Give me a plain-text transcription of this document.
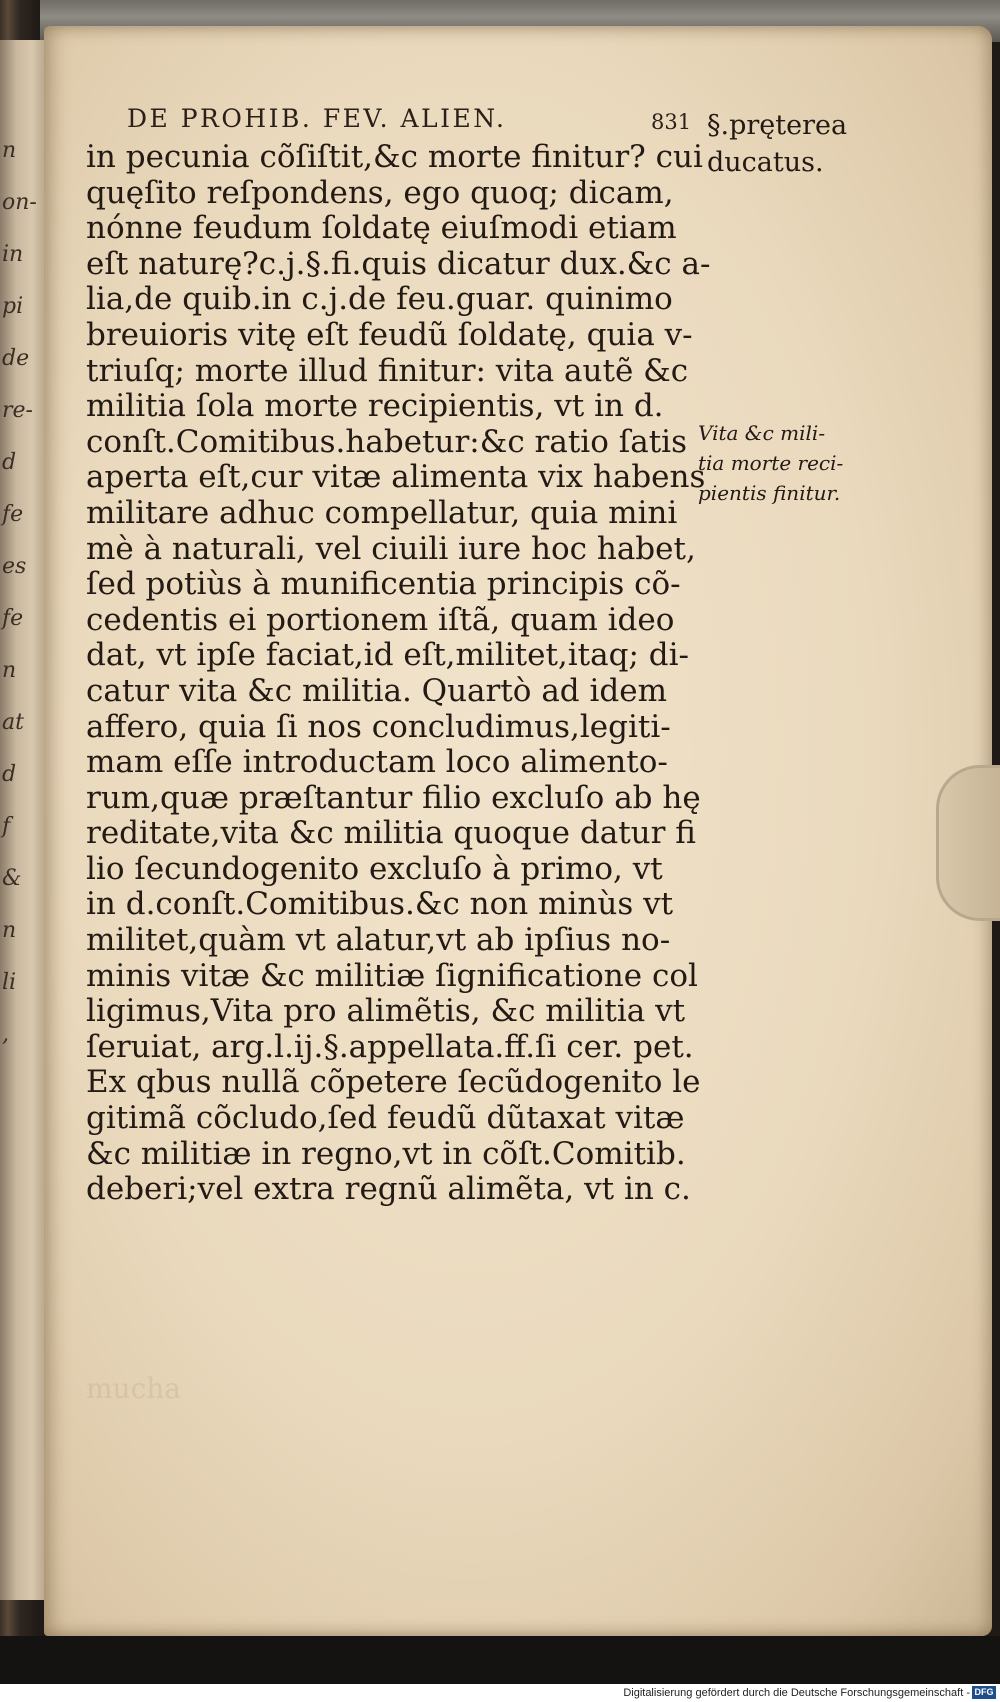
n
on-
in
pi
de
re-
d
fe
es
fe
n
at
d
f
&
n
li
,
DE PROHIB. FEV. ALIEN.	831
in pecunia cõſiſtit,&c morte finitur? cui
quęſito reſpondens, ego quoq; dicam,
nónne feudum ſoldatę eiuſmodi etiam
eſt naturę?c.j.§.fi.quis dicatur dux.&c a-
lia,de quib.in c.j.de feu.guar. quinimo
breuioris vitę eſt feudũ ſoldatę, quia v-
triuſq; morte illud finitur: vita autẽ &c
militia ſola morte recipientis, vt in d.
conſt.Comitibus.habetur:&c ratio ſatis
aperta eſt,cur vitæ alimenta vix habens
militare adhuc compellatur, quia mini
mè à naturali, vel ciuili iure hoc habet,
ſed potiùs à munificentia principis cõ-
cedentis ei portionem iſtã, quam ideo
dat, vt ipſe faciat,id eſt,militet,itaq; di-
catur vita &c militia. Quartò ad idem
affero, quia ſi nos concludimus,legiti-
mam eſſe introductam loco alimento-
rum,quæ præſtantur filio excluſo ab hę
reditate,vita &c militia quoque datur fi
lio ſecundogenito excluſo à primo, vt
in d.conſt.Comitibus.&c non minùs vt
militet,quàm vt alatur,vt ab ipſius no-
minis vitæ &c militiæ ſignificatione col
ligimus,Vita pro alimẽtis, &c militia vt
ſeruiat, arg.l.ij.§.appellata.ff.ſi cer. pet.
Ex qbus nullã cõpetere ſecũdogenito le
gitimã cõcludo,ſed feudũ dũtaxat vitæ
&c militiæ in regno,vt in cõſt.Comitib.
deberi;vel extra regnũ alimẽta, vt in c.
§.pręterea
ducatus.
Vita &c mili-
tia morte reci-
pientis finitur.
mucha
Digitalisierung gefördert durch die Deutsche Forschungsgemeinschaft - DFG
